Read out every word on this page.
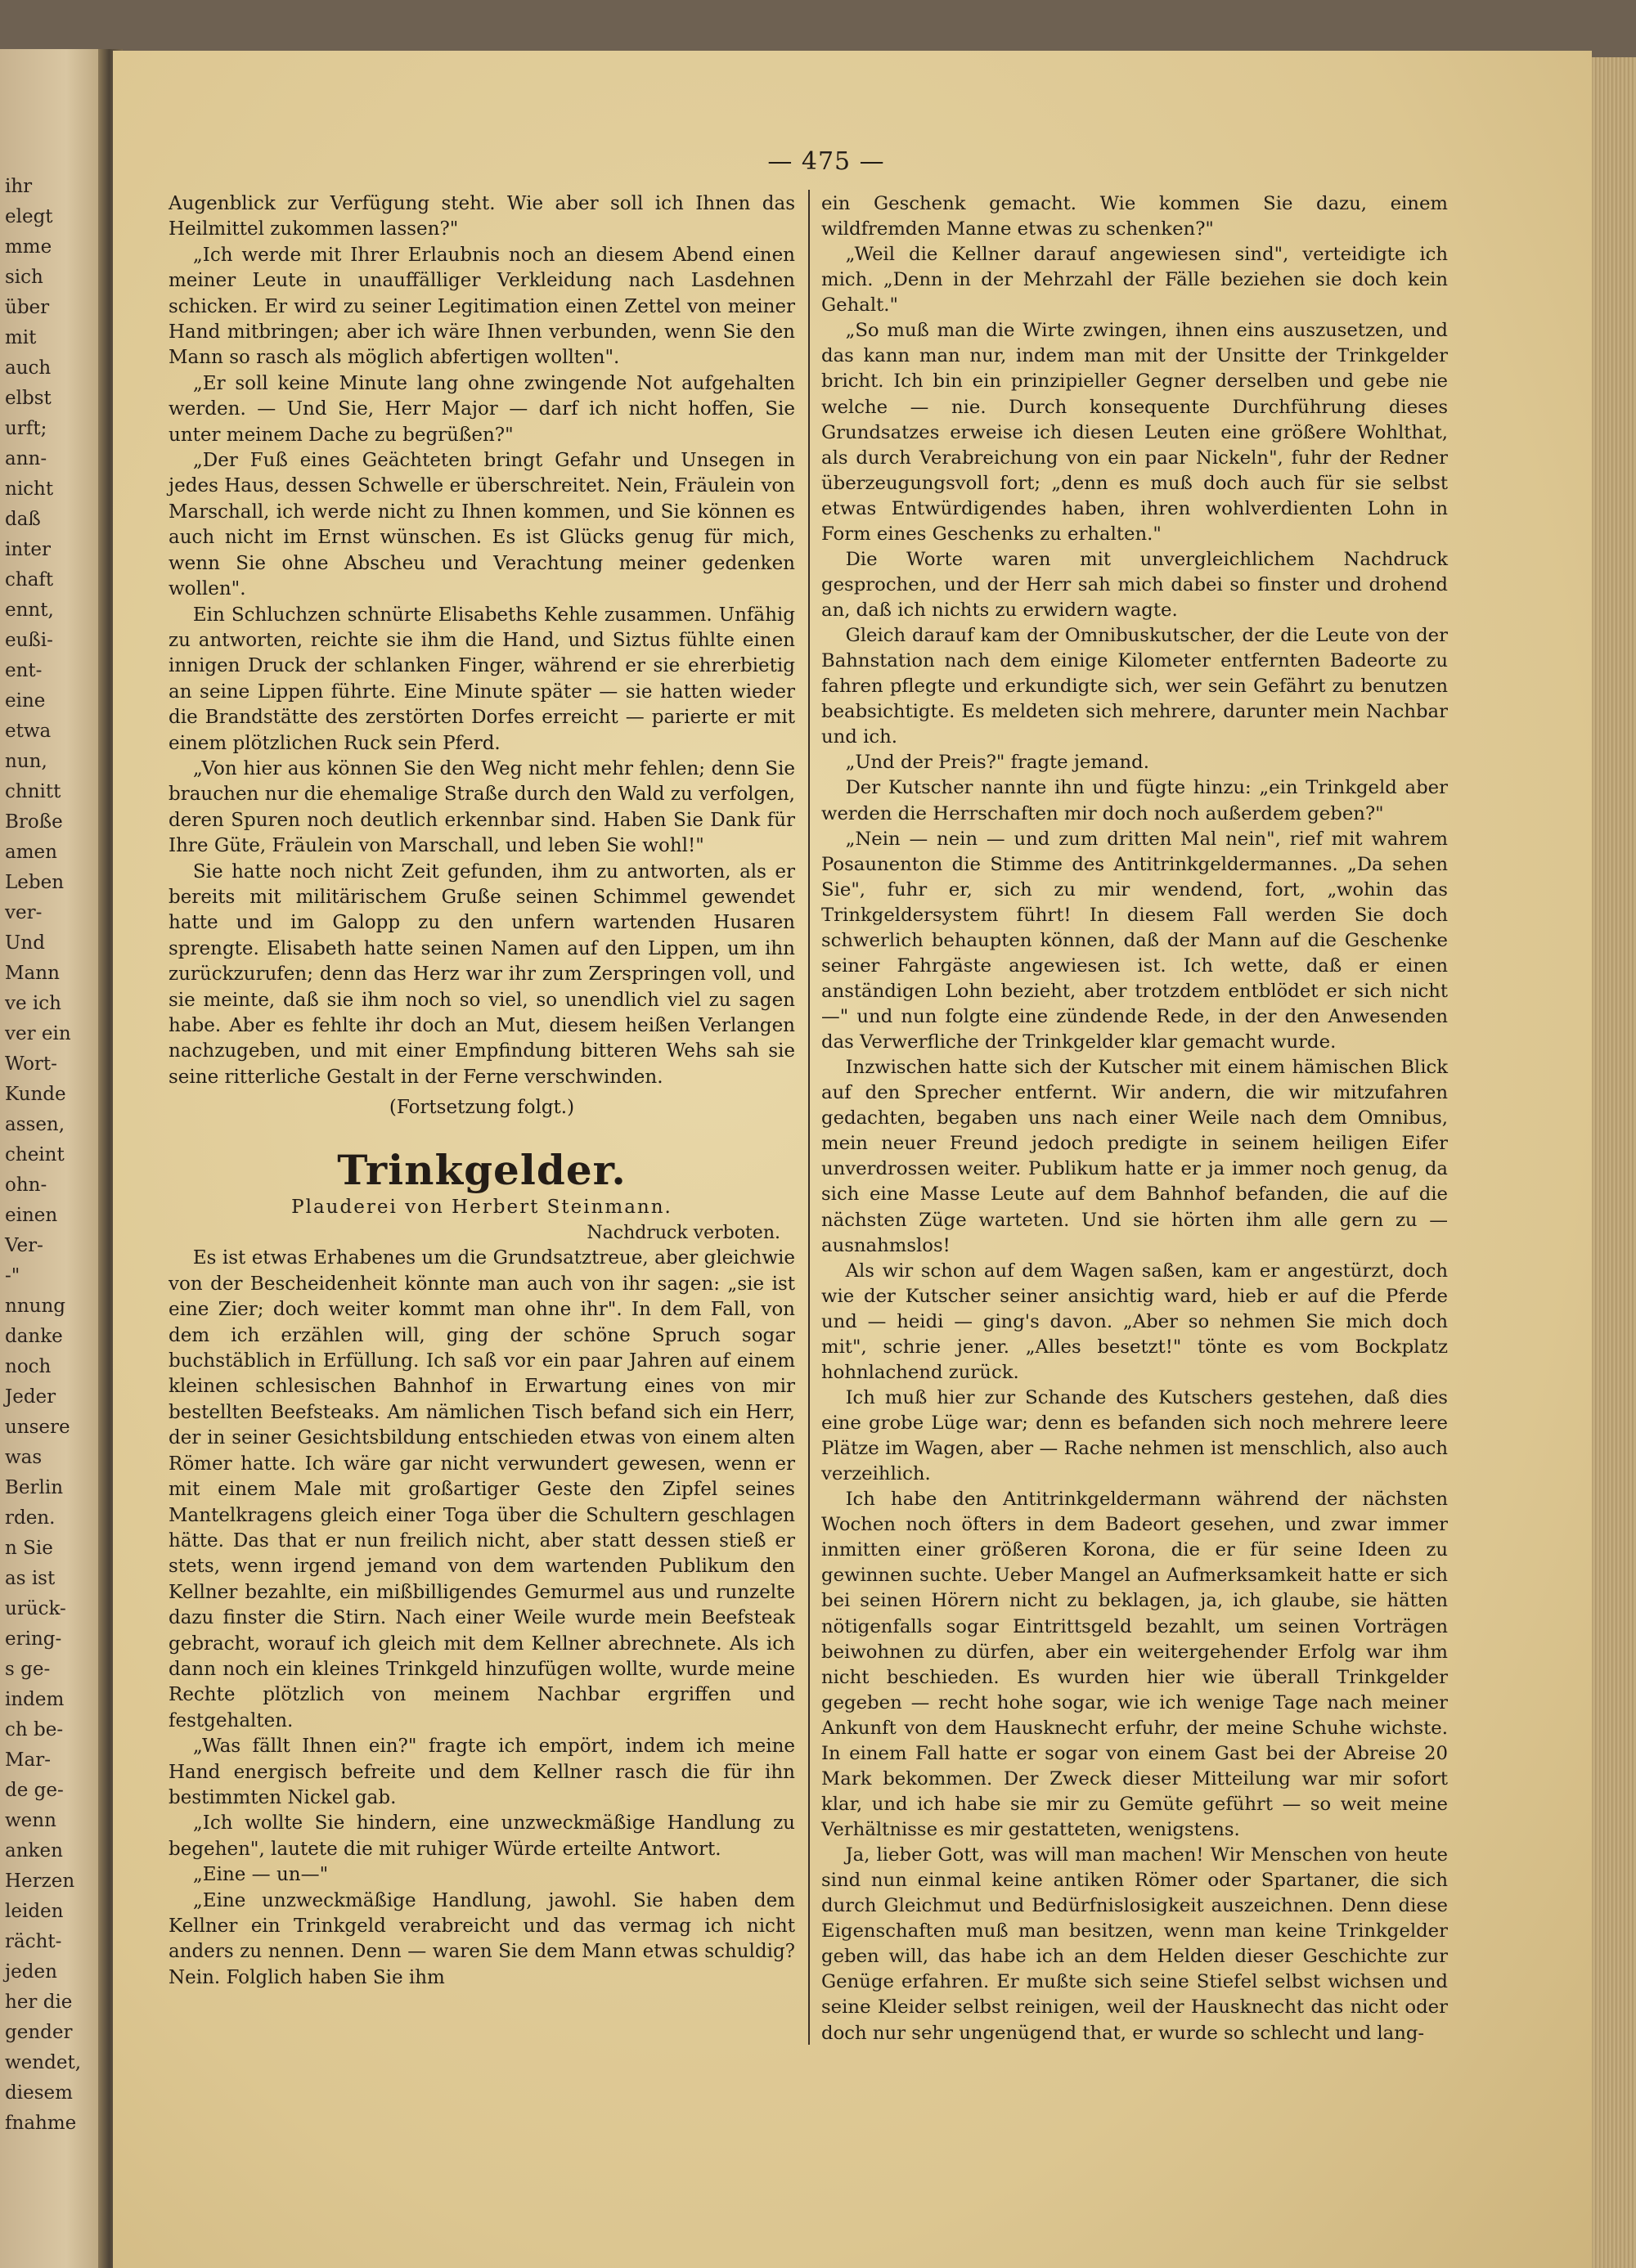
ihr
elegt
mme
sich
über
mit
auch
elbst
urft;
ann-
nicht
daß
inter
chaft
ennt,
eußi-
ent-
eine
etwa
nun,
chnitt
Broße
amen
Leben
ver-
Und
Mann
ve ich
ver ein
Wort-
Kunde
assen,
cheint
ohn-
einen
Ver-
-"
nnung
danke
noch
Jeder
unsere
was
Berlin
rden.
n Sie
as ist
urück-
ering-
s ge-
indem
ch be-
Mar-
de ge-
wenn
anken
Herzen
leiden
rächt-
jeden
her die
gender
wendet,
diesem
fnahme
— 475 —

Augenblick zur Verfügung steht. Wie aber soll ich Ihnen das Heilmittel zukommen lassen?"

„Ich werde mit Ihrer Erlaubnis noch an diesem Abend einen meiner Leute in unauffälliger Verkleidung nach Lasdehnen schicken. Er wird zu seiner Legitimation einen Zettel von meiner Hand mitbringen; aber ich wäre Ihnen verbunden, wenn Sie den Mann so rasch als möglich abfertigen wollten".

„Er soll keine Minute lang ohne zwingende Not aufgehalten werden. — Und Sie, Herr Major — darf ich nicht hoffen, Sie unter meinem Dache zu begrüßen?"

„Der Fuß eines Geächteten bringt Gefahr und Unsegen in jedes Haus, dessen Schwelle er überschreitet. Nein, Fräulein von Marschall, ich werde nicht zu Ihnen kommen, und Sie können es auch nicht im Ernst wünschen. Es ist Glücks genug für mich, wenn Sie ohne Abscheu und Verachtung meiner gedenken wollen".

Ein Schluchzen schnürte Elisabeths Kehle zusammen. Unfähig zu antworten, reichte sie ihm die Hand, und Siztus fühlte einen innigen Druck der schlanken Finger, während er sie ehrerbietig an seine Lippen führte. Eine Minute später — sie hatten wieder die Brandstätte des zerstörten Dorfes erreicht — parierte er mit einem plötzlichen Ruck sein Pferd.

„Von hier aus können Sie den Weg nicht mehr fehlen; denn Sie brauchen nur die ehemalige Straße durch den Wald zu verfolgen, deren Spuren noch deutlich erkennbar sind. Haben Sie Dank für Ihre Güte, Fräulein von Marschall, und leben Sie wohl!"

Sie hatte noch nicht Zeit gefunden, ihm zu antworten, als er bereits mit militärischem Gruße seinen Schimmel gewendet hatte und im Galopp zu den unfern wartenden Husaren sprengte. Elisabeth hatte seinen Namen auf den Lippen, um ihn zurückzurufen; denn das Herz war ihr zum Zerspringen voll, und sie meinte, daß sie ihm noch so viel, so unendlich viel zu sagen habe. Aber es fehlte ihr doch an Mut, diesem heißen Verlangen nachzugeben, und mit einer Empfindung bitteren Wehs sah sie seine ritterliche Gestalt in der Ferne verschwinden.

(Fortsetzung folgt.)

Trinkgelder.

Plauderei von Herbert Steinmann.

Nachdruck verboten.

Es ist etwas Erhabenes um die Grundsatztreue, aber gleichwie von der Bescheidenheit könnte man auch von ihr sagen: „sie ist eine Zier; doch weiter kommt man ohne ihr". In dem Fall, von dem ich erzählen will, ging der schöne Spruch sogar buchstäblich in Erfüllung. Ich saß vor ein paar Jahren auf einem kleinen schlesischen Bahnhof in Erwartung eines von mir bestellten Beefsteaks. Am nämlichen Tisch befand sich ein Herr, der in seiner Gesichtsbildung entschieden etwas von einem alten Römer hatte. Ich wäre gar nicht verwundert gewesen, wenn er mit einem Male mit großartiger Geste den Zipfel seines Mantelkragens gleich einer Toga über die Schultern geschlagen hätte. Das that er nun freilich nicht, aber statt dessen stieß er stets, wenn irgend jemand von dem wartenden Publikum den Kellner bezahlte, ein mißbilligendes Gemurmel aus und runzelte dazu finster die Stirn. Nach einer Weile wurde mein Beefsteak gebracht, worauf ich gleich mit dem Kellner abrechnete. Als ich dann noch ein kleines Trinkgeld hinzufügen wollte, wurde meine Rechte plötzlich von meinem Nachbar ergriffen und festgehalten.

„Was fällt Ihnen ein?" fragte ich empört, indem ich meine Hand energisch befreite und dem Kellner rasch die für ihn bestimmten Nickel gab.

„Ich wollte Sie hindern, eine unzweckmäßige Handlung zu begehen", lautete die mit ruhiger Würde erteilte Antwort.

„Eine — un—"

„Eine unzweckmäßige Handlung, jawohl. Sie haben dem Kellner ein Trinkgeld verabreicht und das vermag ich nicht anders zu nennen. Denn — waren Sie dem Mann etwas schuldig? Nein. Folglich haben Sie ihm

ein Geschenk gemacht. Wie kommen Sie dazu, einem wildfremden Manne etwas zu schenken?"

„Weil die Kellner darauf angewiesen sind", verteidigte ich mich. „Denn in der Mehrzahl der Fälle beziehen sie doch kein Gehalt."

„So muß man die Wirte zwingen, ihnen eins auszusetzen, und das kann man nur, indem man mit der Unsitte der Trinkgelder bricht. Ich bin ein prinzipieller Gegner derselben und gebe nie welche — nie. Durch konsequente Durchführung dieses Grundsatzes erweise ich diesen Leuten eine größere Wohlthat, als durch Verabreichung von ein paar Nickeln", fuhr der Redner überzeugungsvoll fort; „denn es muß doch auch für sie selbst etwas Entwürdigendes haben, ihren wohlverdienten Lohn in Form eines Geschenks zu erhalten."

Die Worte waren mit unvergleichlichem Nachdruck gesprochen, und der Herr sah mich dabei so finster und drohend an, daß ich nichts zu erwidern wagte.

Gleich darauf kam der Omnibuskutscher, der die Leute von der Bahnstation nach dem einige Kilometer entfernten Badeorte zu fahren pflegte und erkundigte sich, wer sein Gefährt zu benutzen beabsichtigte. Es meldeten sich mehrere, darunter mein Nachbar und ich.

„Und der Preis?" fragte jemand.

Der Kutscher nannte ihn und fügte hinzu: „ein Trinkgeld aber werden die Herrschaften mir doch noch außerdem geben?"

„Nein — nein — und zum dritten Mal nein", rief mit wahrem Posaunenton die Stimme des Antitrinkgeldermannes. „Da sehen Sie", fuhr er, sich zu mir wendend, fort, „wohin das Trinkgeldersystem führt! In diesem Fall werden Sie doch schwerlich behaupten können, daß der Mann auf die Geschenke seiner Fahrgäste angewiesen ist. Ich wette, daß er einen anständigen Lohn bezieht, aber trotzdem entblödet er sich nicht —" und nun folgte eine zündende Rede, in der den Anwesenden das Verwerfliche der Trinkgelder klar gemacht wurde.

Inzwischen hatte sich der Kutscher mit einem hämischen Blick auf den Sprecher entfernt. Wir andern, die wir mitzufahren gedachten, begaben uns nach einer Weile nach dem Omnibus, mein neuer Freund jedoch predigte in seinem heiligen Eifer unverdrossen weiter. Publikum hatte er ja immer noch genug, da sich eine Masse Leute auf dem Bahnhof befanden, die auf die nächsten Züge warteten. Und sie hörten ihm alle gern zu — ausnahmslos!

Als wir schon auf dem Wagen saßen, kam er angestürzt, doch wie der Kutscher seiner ansichtig ward, hieb er auf die Pferde und — heidi — ging's davon. „Aber so nehmen Sie mich doch mit", schrie jener. „Alles besetzt!" tönte es vom Bockplatz hohnlachend zurück.

Ich muß hier zur Schande des Kutschers gestehen, daß dies eine grobe Lüge war; denn es befanden sich noch mehrere leere Plätze im Wagen, aber — Rache nehmen ist menschlich, also auch verzeihlich.

Ich habe den Antitrinkgeldermann während der nächsten Wochen noch öfters in dem Badeort gesehen, und zwar immer inmitten einer größeren Korona, die er für seine Ideen zu gewinnen suchte. Ueber Mangel an Aufmerksamkeit hatte er sich bei seinen Hörern nicht zu beklagen, ja, ich glaube, sie hätten nötigenfalls sogar Eintrittsgeld bezahlt, um seinen Vorträgen beiwohnen zu dürfen, aber ein weitergehender Erfolg war ihm nicht beschieden. Es wurden hier wie überall Trinkgelder gegeben — recht hohe sogar, wie ich wenige Tage nach meiner Ankunft von dem Hausknecht erfuhr, der meine Schuhe wichste. In einem Fall hatte er sogar von einem Gast bei der Abreise 20 Mark bekommen. Der Zweck dieser Mitteilung war mir sofort klar, und ich habe sie mir zu Gemüte geführt — so weit meine Verhältnisse es mir gestatteten, wenigstens.

Ja, lieber Gott, was will man machen! Wir Menschen von heute sind nun einmal keine antiken Römer oder Spartaner, die sich durch Gleichmut und Bedürfnislosigkeit auszeichnen. Denn diese Eigenschaften muß man besitzen, wenn man keine Trinkgelder geben will, das habe ich an dem Helden dieser Geschichte zur Genüge erfahren. Er mußte sich seine Stiefel selbst wichsen und seine Kleider selbst reinigen, weil der Hausknecht das nicht oder doch nur sehr ungenügend that, er wurde so schlecht und lang-
